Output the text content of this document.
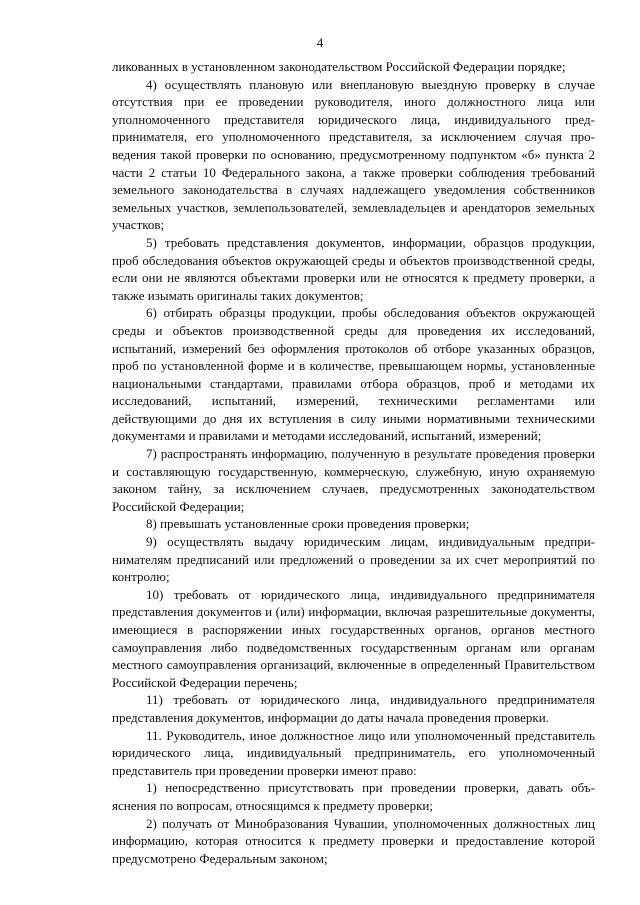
4

ликованных в установленном законодательством Российской Федерации порядке;

4) осуществлять плановую или внеплановую выездную проверку в случае отсутствия при ее проведении руководителя, иного должностного лица или уполномоченного представителя юридического лица, индивидуального предпринимателя, его уполномоченного представителя, за исключением случая проведения такой проверки по основанию, предусмотренному подпунктом «б» пункта 2 части 2 статьи 10 Федерального закона, а также проверки соблюдения требований земельного законодательства в случаях надлежащего уведомления собственников земельных участков, землепользователей, землевладельцев и арендаторов земельных участков;

5) требовать представления документов, информации, образцов продукции, проб обследования объектов окружающей среды и объектов производственной среды, если они не являются объектами проверки или не относятся к предмету проверки, а также изымать оригиналы таких документов;

6) отбирать образцы продукции, пробы обследования объектов окружающей среды и объектов производственной среды для проведения их исследований, испытаний, измерений без оформления протоколов об отборе указанных образцов, проб по установленной форме и в количестве, превышающем нормы, установленные национальными стандартами, правилами отбора образцов, проб и методами их исследований, испытаний, измерений, техническими регламентами или действующими до дня их вступления в силу иными нормативными техническими документами и правилами и методами исследований, испытаний, измерений;

7) распространять информацию, полученную в результате проведения проверки и составляющую государственную, коммерческую, служебную, иную охраняемую законом тайну, за исключением случаев, предусмотренных законодательством Российской Федерации;

8) превышать установленные сроки проведения проверки;

9) осуществлять выдачу юридическим лицам, индивидуальным предпринимателям предписаний или предложений о проведении за их счет мероприятий по контролю;

10) требовать от юридического лица, индивидуального предпринимателя представления документов и (или) информации, включая разрешительные документы, имеющиеся в распоряжении иных государственных органов, органов местного самоуправления либо подведомственных государственным органам или органам местного самоуправления организаций, включенные в определенный Правительством Российской Федерации перечень;

11) требовать от юридического лица, индивидуального предпринимателя представления документов, информации до даты начала проведения проверки.

11. Руководитель, иное должностное лицо или уполномоченный представитель юридического лица, индивидуальный предприниматель, его уполномоченный представитель при проведении проверки имеют право:

1) непосредственно присутствовать при проведении проверки, давать объяснения по вопросам, относящимся к предмету проверки;

2) получать от Минобразования Чувашии, уполномоченных должностных лиц информацию, которая относится к предмету проверки и предоставление которой предусмотрено Федеральным законом;
